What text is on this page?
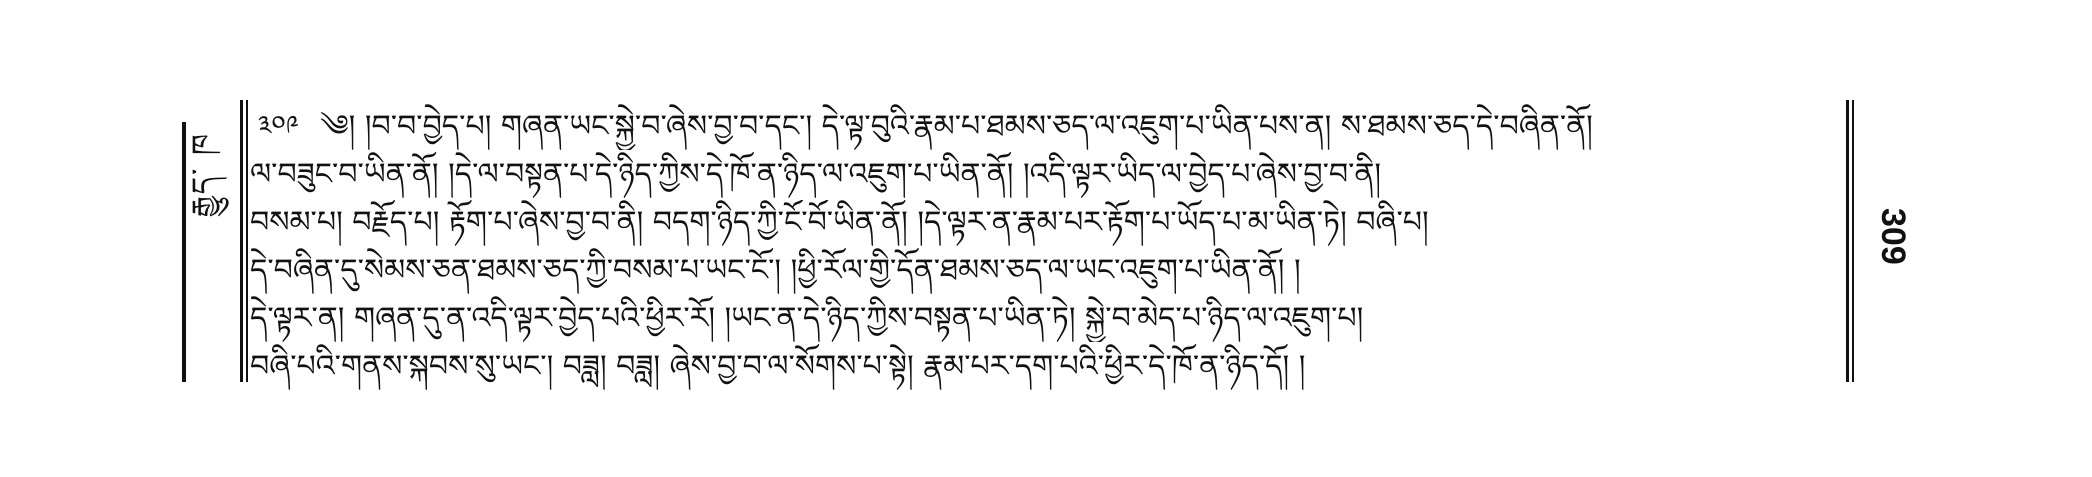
རྒྱུད་ ཁ
༣༠༩ ༄། །བ་བ་བྱེད་པ། གཞན་ཡང་སྐྱེ་བ་ཞེས་བྱ་བ་དང་། དེ་ལྟ་བུའི་རྣམ་པ་ཐམས་ཅད་ལ་འཇུག་པ་ཡིན་པས་ན། ས་ཐམས་ཅད་དེ་བཞིན་ནོ།
ལ་བཟུང་བ་ཡིན་ནོ། །དེ་ལ་བསྟན་པ་དེ་ཉིད་ཀྱིས་དེ་ཁོ་ན་ཉིད་ལ་འཇུག་པ་ཡིན་ནོ། །འདི་ལྟར་ཡིད་ལ་བྱེད་པ་ཞེས་བྱ་བ་ནི།
བསམ་པ། བརྗོད་པ། རྟོག་པ་ཞེས་བྱ་བ་ནི། བདག་ཉིད་ཀྱི་ངོ་བོ་ཡིན་ནོ། །དེ་ལྟར་ན་རྣམ་པར་རྟོག་པ་ཡོད་པ་མ་ཡིན་ཏེ། བཞི་པ།
དེ་བཞིན་དུ་སེམས་ཅན་ཐམས་ཅད་ཀྱི་བསམ་པ་ཡང་ངོ་། །ཕྱི་རོལ་གྱི་དོན་ཐམས་ཅད་ལ་ཡང་འཇུག་པ་ཡིན་ནོ། །
དེ་ལྟར་ན། གཞན་དུ་ན་འདི་ལྟར་བྱེད་པའི་ཕྱིར་རོ། །ཡང་ན་དེ་ཉིད་ཀྱིས་བསྟན་པ་ཡིན་ཏེ། སྐྱེ་བ་མེད་པ་ཉིད་ལ་འཇུག་པ།
བཞི་པའི་གནས་སྐབས་སུ་ཡང་། བཟླ། བཟླ། ཞེས་བྱ་བ་ལ་སོགས་པ་སྟེ། རྣམ་པར་དག་པའི་ཕྱིར་དེ་ཁོ་ན་ཉིད་དོ། །
309
